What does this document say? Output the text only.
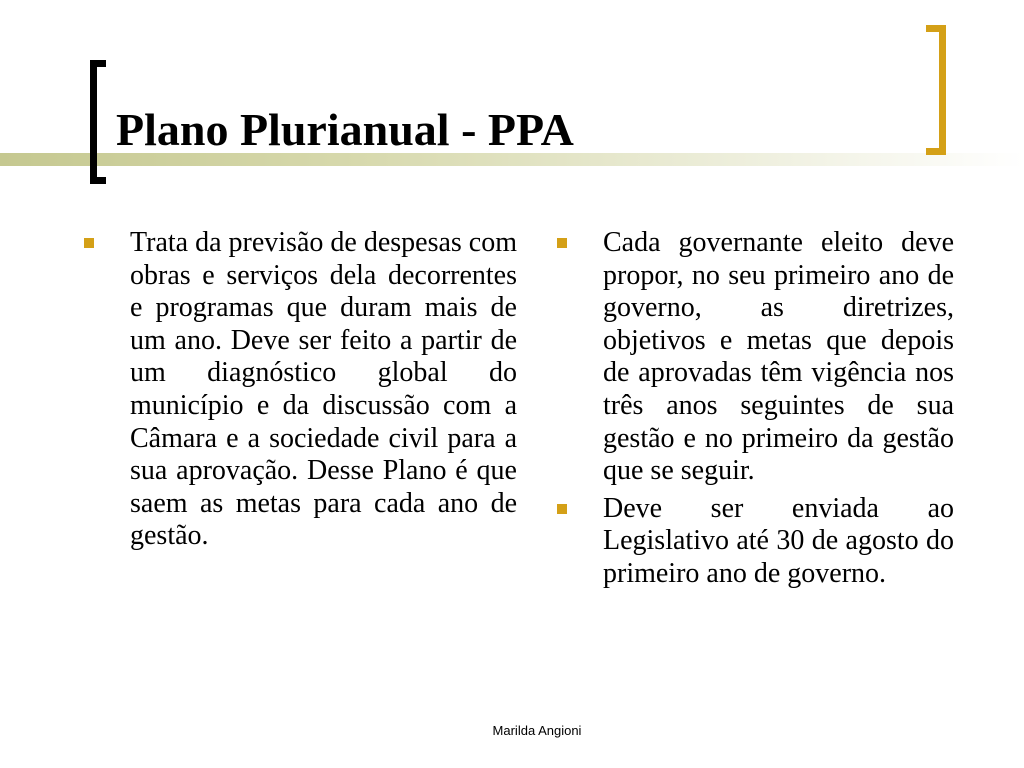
Plano Plurianual - PPA
Trata da previsão de despesas com obras e serviços dela decorrentes e programas que duram mais de um ano. Deve ser feito a partir de um diagnóstico global do município e da discussão com a Câmara e a sociedade civil para a sua aprovação. Desse Plano é que saem as metas para cada ano de gestão.
Cada governante eleito deve propor, no seu primeiro ano de governo, as diretrizes, objetivos e metas que depois de aprovadas têm vigência nos três anos seguintes de sua gestão e no primeiro da gestão que se seguir.
Deve ser enviada ao Legislativo até 30 de agosto do primeiro ano de governo.
Marilda Angioni
